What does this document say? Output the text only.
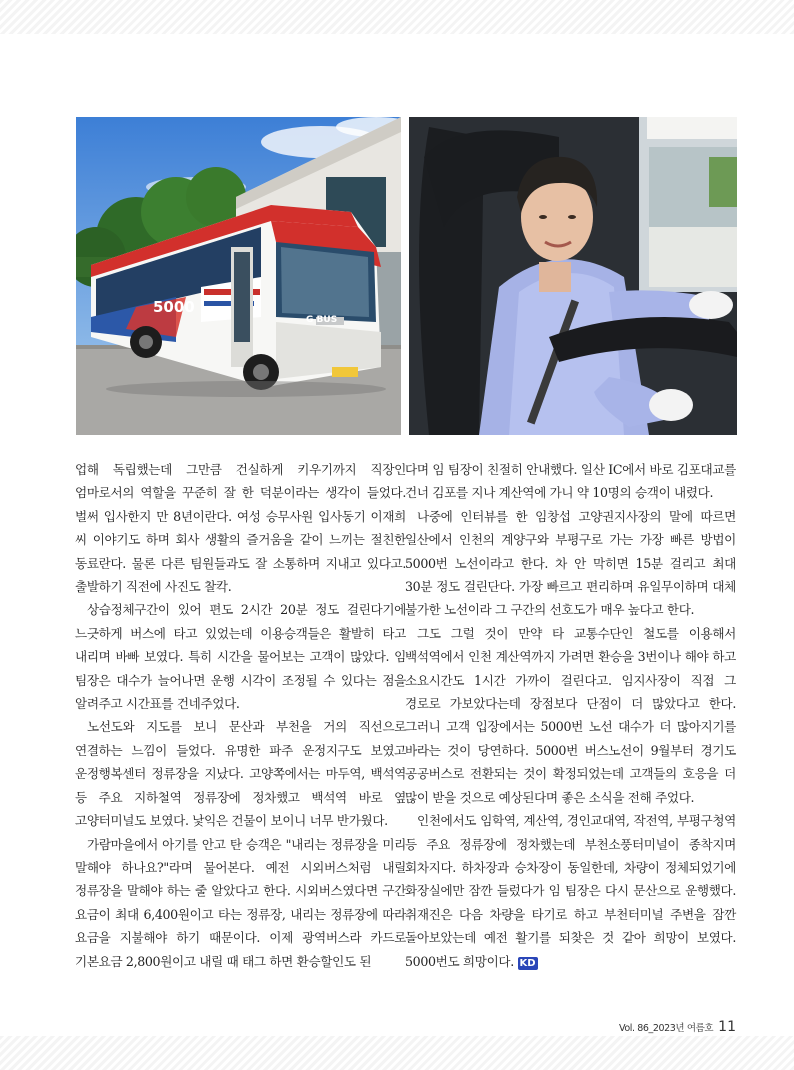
5000
G BUS

업해 독립했는데 그만큼 건실하게 키우기까지 직장인 엄마로서의 역할을 꾸준히 잘 한 덕분이라는 생각이 들었다. 벌써 입사한지 만 8년이란다. 여성 승무사원 입사동기 이재희 씨 이야기도 하며 회사 생활의 즐거움을 같이 느끼는 절친한 동료란다. 물론 다른 팀원들과도 잘 소통하며 지내고 있다고. 출발하기 직전에 사진도 찰칵.

상습정체구간이 있어 편도 2시간 20분 정도 걸린다기에 느긋하게 버스에 타고 있었는데 이용승객들은 활발히 타고 내리며 바빠 보였다. 특히 시간을 물어보는 고객이 많았다. 임 팀장은 대수가 늘어나면 운행 시각이 조정될 수 있다는 점을 알려주고 시간표를 건네주었다.

노선도와 지도를 보니 문산과 부천을 거의 직선으로 연결하는 느낌이 들었다. 유명한 파주 운정지구도 보였고 운정행복센터 정류장을 지났다. 고양쪽에서는 마두역, 백석역 등 주요 지하철역 정류장에 정차했고 백석역 바로 옆 고양터미널도 보였다. 낯익은 건물이 보이니 너무 반가웠다.

가람마을에서 아기를 안고 탄 승객은 "내리는 정류장을 미리 말해야 하나요?"라며 물어본다. 예전 시외버스처럼 내릴 정류장을 말해야 하는 줄 알았다고 한다. 시외버스였다면 구간 요금이 최대 6,400원이고 타는 정류장, 내리는 정류장에 따라 요금을 지불해야 하기 때문이다. 이제 광역버스라 카드로 기본요금 2,800원이고 내릴 때 태그 하면 환승할인도 된

다며 임 팀장이 친절히 안내했다. 일산 IC에서 바로 김포대교를 건너 김포를 지나 계산역에 가니 약 10명의 승객이 내렸다.

나중에 인터뷰를 한 임창섭 고양권지사장의 말에 따르면 일산에서 인천의 계양구와 부평구로 가는 가장 빠른 방법이 5000번 노선이라고 한다. 차 안 막히면 15분 걸리고 최대 30분 정도 걸린단다. 가장 빠르고 편리하며 유일무이하며 대체 불가한 노선이라 그 구간의 선호도가 매우 높다고 한다.

그도 그럴 것이 만약 타 교통수단인 철도를 이용해서 백석역에서 인천 계산역까지 가려면 환승을 3번이나 해야 하고 소요시간도 1시간 가까이 걸린다고. 임지사장이 직접 그 경로로 가보았다는데 장점보다 단점이 더 많았다고 한다. 그러니 고객 입장에서는 5000번 노선 대수가 더 많아지기를 바라는 것이 당연하다. 5000번 버스노선이 9월부터 경기도 공공버스로 전환되는 것이 확정되었는데 고객들의 호응을 더 많이 받을 것으로 예상된다며 좋은 소식을 전해 주었다.

인천에서도 임학역, 계산역, 경인교대역, 작전역, 부평구청역 등 주요 정류장에 정차했는데 부천소풍터미널이 종착지며 회차지다. 하차장과 승차장이 동일한데, 차량이 정체되었기에 화장실에만 잠깐 들렀다가 임 팀장은 다시 문산으로 운행했다. 취재진은 다음 차량을 타기로 하고 부천터미널 주변을 잠깐 돌아보았는데 예전 활기를 되찾은 것 같아 희망이 보였다. 5000번도 희망이다. KD

Vol. 86_2023년 여름호 11
